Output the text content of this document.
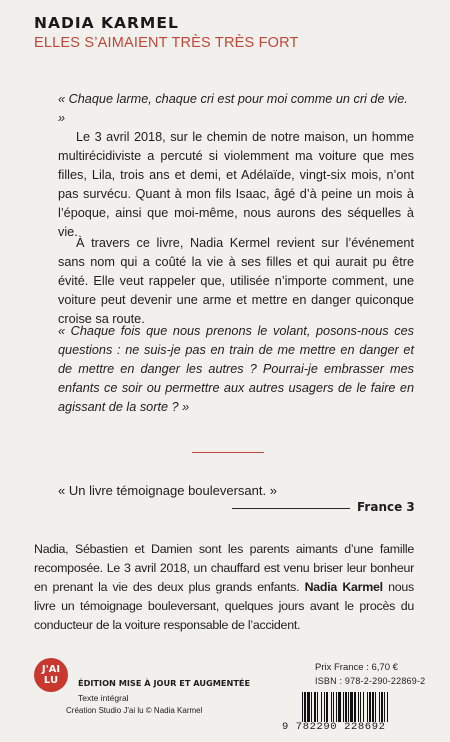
NADIA KARMEL
ELLES S’AIMAIENT TRÈS TRÈS FORT
« Chaque larme, chaque cri est pour moi comme un cri de vie. »
Le 3 avril 2018, sur le chemin de notre maison, un homme multirécidiviste a percuté si violemment ma voiture que mes filles, Lila, trois ans et demi, et Adélaïde, vingt-six mois, n’ont pas survécu. Quant à mon fils Isaac, âgé d’à peine un mois à l’époque, ainsi que moi-même, nous aurons des séquelles à vie.
À travers ce livre, Nadia Kermel revient sur l’événement sans nom qui a coûté la vie à ses filles et qui aurait pu être évité. Elle veut rappeler que, utilisée n’importe comment, une voiture peut devenir une arme et mettre en danger quiconque croise sa route.
« Chaque fois que nous prenons le volant, posons-nous ces questions : ne suis-je pas en train de me mettre en danger et de mettre en danger les autres ? Pourrai-je embrasser mes enfants ce soir ou permettre aux autres usagers de le faire en agissant de la sorte ? »
« Un livre témoignage bouleversant. »
France 3
Nadia, Sébastien et Damien sont les parents aimants d’une famille recomposée. Le 3 avril 2018, un chauffard est venu briser leur bonheur en prenant la vie des deux plus grands enfants. Nadia Karmel nous livre un témoignage bouleversant, quelques jours avant le procès du conducteur de la voiture responsable de l’accident.
J'AI LU	ÉDITION MISE À JOUR ET AUGMENTÉE
Texte intégral
Création Studio J'ai lu © Nadia Karmel
Prix France : 6,70 €
ISBN : 978-2-290-22869-2
9 782290 228692
